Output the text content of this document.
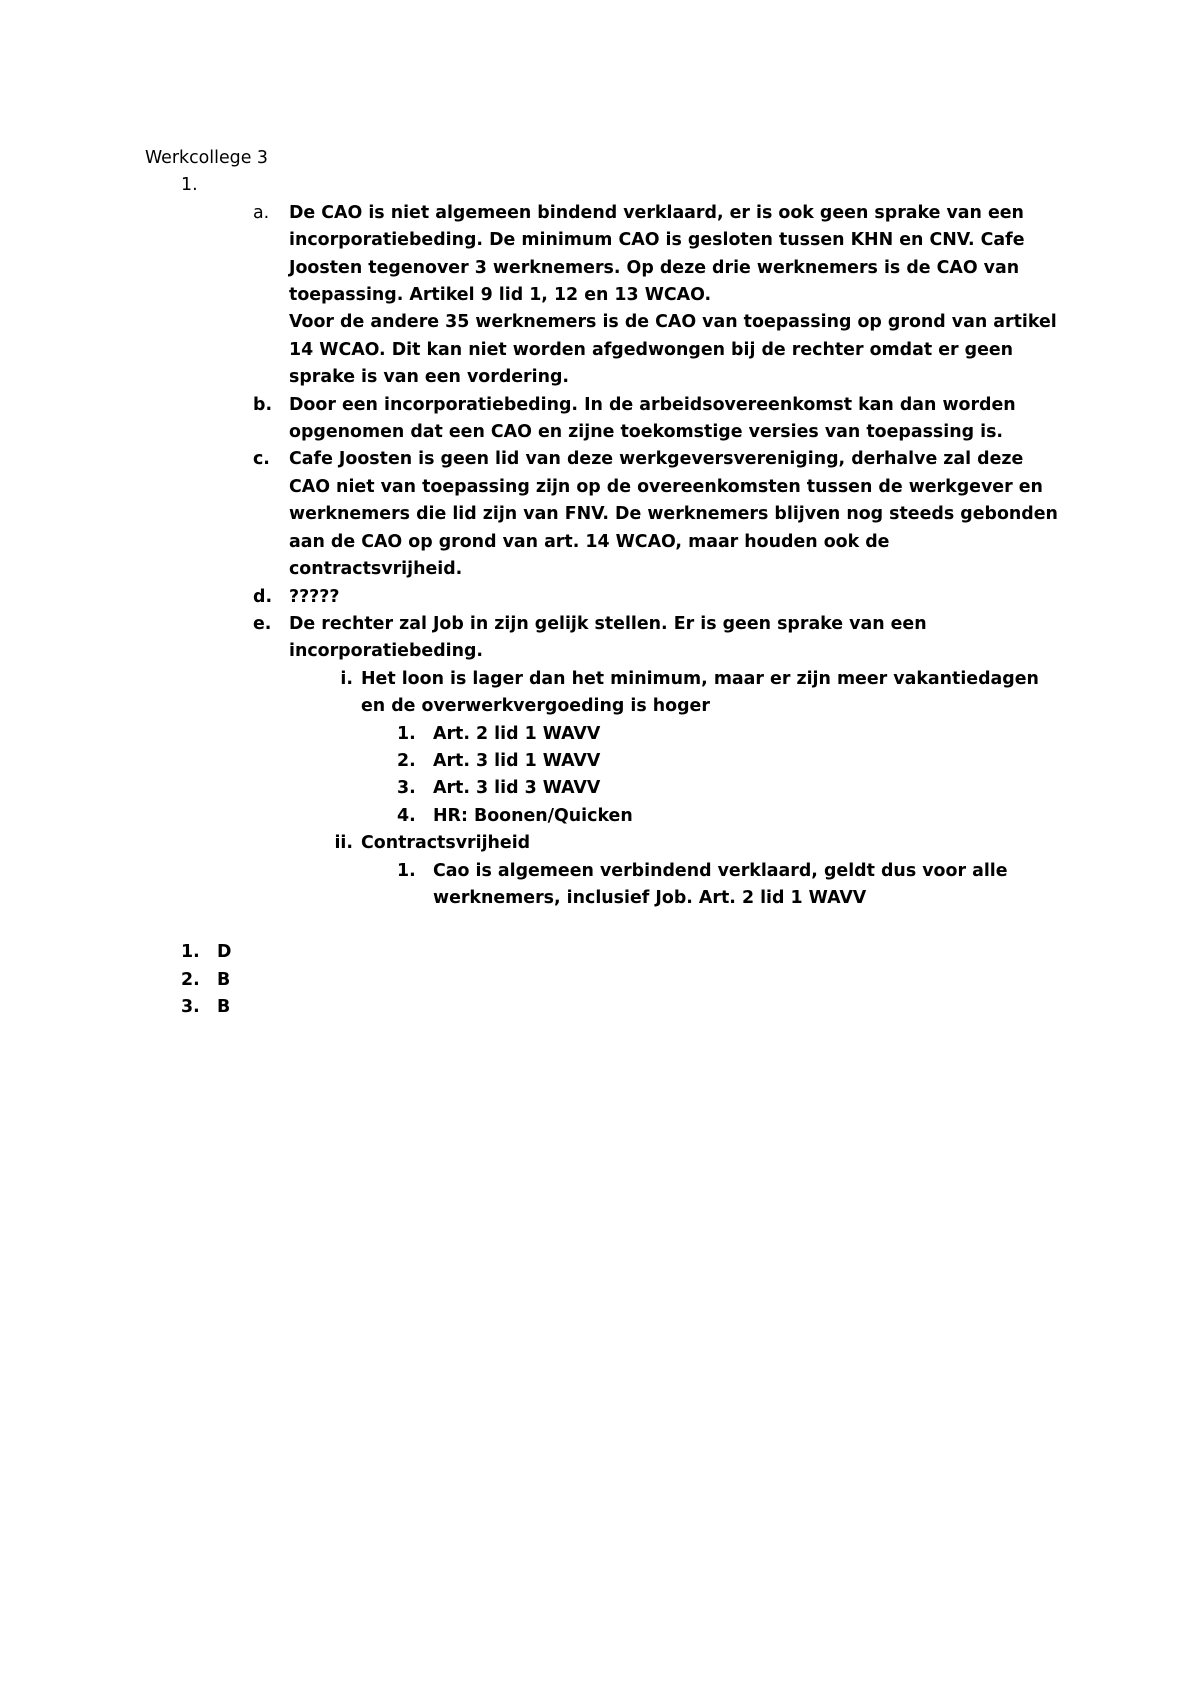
Werkcollege 3
1.
a.	De CAO is niet algemeen bindend verklaard, er is ook geen sprake van een incorporatiebeding. De minimum CAO is gesloten tussen KHN en CNV. Cafe Joosten tegenover 3 werknemers. Op deze drie werknemers is de CAO van toepassing. Artikel 9 lid 1, 12 en 13 WCAO.
Voor de andere 35 werknemers is de CAO van toepassing op grond van artikel 14 WCAO. Dit kan niet worden afgedwongen bij de rechter omdat er geen sprake is van een vordering.
b. Door een incorporatiebeding. In de arbeidsovereenkomst kan dan worden opgenomen dat een CAO en zijne toekomstige versies van toepassing is.
c.	Cafe Joosten is geen lid van deze werkgeversvereniging, derhalve zal deze CAO niet van toepassing zijn op de overeenkomsten tussen de werkgever en werknemers die lid zijn van FNV. De werknemers blijven nog steeds gebonden aan de CAO op grond van art. 14 WCAO, maar houden ook de contractsvrijheid.
d. ?????
e.	De rechter zal Job in zijn gelijk stellen. Er is geen sprake van een incorporatiebeding.
i. Het loon is lager dan het minimum, maar er zijn meer vakantiedagen en de overwerkvergoeding is hoger
1. Art. 2 lid 1 WAVV
2. Art. 3 lid 1 WAVV
3. Art. 3 lid 3 WAVV
4. HR: Boonen/Quicken
ii. Contractsvrijheid
1. Cao is algemeen verbindend verklaard, geldt dus voor alle werknemers, inclusief Job. Art. 2 lid 1 WAVV
1. D
2. B
3. B
